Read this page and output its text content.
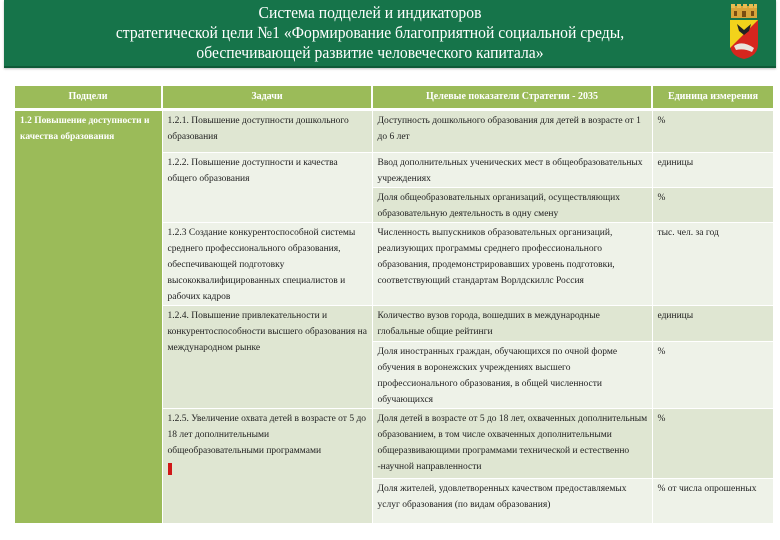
Система подцелей и индикаторов
стратегической цели №1 «Формирование благоприятной социальной среды,
обеспечивающей развитие человеческого капитала»
Подцели	Задачи	Целевые показатели Стратегии - 2035	Единица измерения
1.2 Повышение доступности и качества образования	1.2.1. Повышение доступности дошкольного образования	Доступность дошкольного образования для детей в возрасте от 1 до 6 лет	%
	1.2.2. Повышение доступности и качества общего образования	Ввод дополнительных ученических мест в общеобразовательных учреждениях	единицы
		Доля общеобразовательных организаций, осуществляющих образовательную деятельность в одну смену	%
	1.2.3 Создание конкурентоспособной системы среднего профессионального образования, обеспечивающей подготовку высококвалифицированных специалистов и рабочих кадров	Численность выпускников образовательных организаций, реализующих программы среднего профессионального образования, продемонстрировавших уровень подготовки, соответствующий стандартам Ворлдскиллс Россия	тыс. чел. за год
	1.2.4. Повышение привлекательности и конкурентоспособности высшего образования на международном рынке	Количество вузов города, вошедших в международные глобальные общие рейтинги	единицы
		Доля иностранных граждан, обучающихся по очной форме обучения в воронежских учреждениях высшего профессионального образования, в общей численности обучающихся	%
	1.2.5. Увеличение охвата детей в возрасте от 5 до 18 лет дополнительными общеобразовательными программами	Доля детей в возрасте от 5 до 18 лет, охваченных дополнительным образованием, в том числе охваченных дополнительными общеразвивающими программами технической и естественно -научной направленности	%
		Доля жителей, удовлетворенных качеством предоставляемых услуг образования (по видам образования)	% от числа опрошенных
